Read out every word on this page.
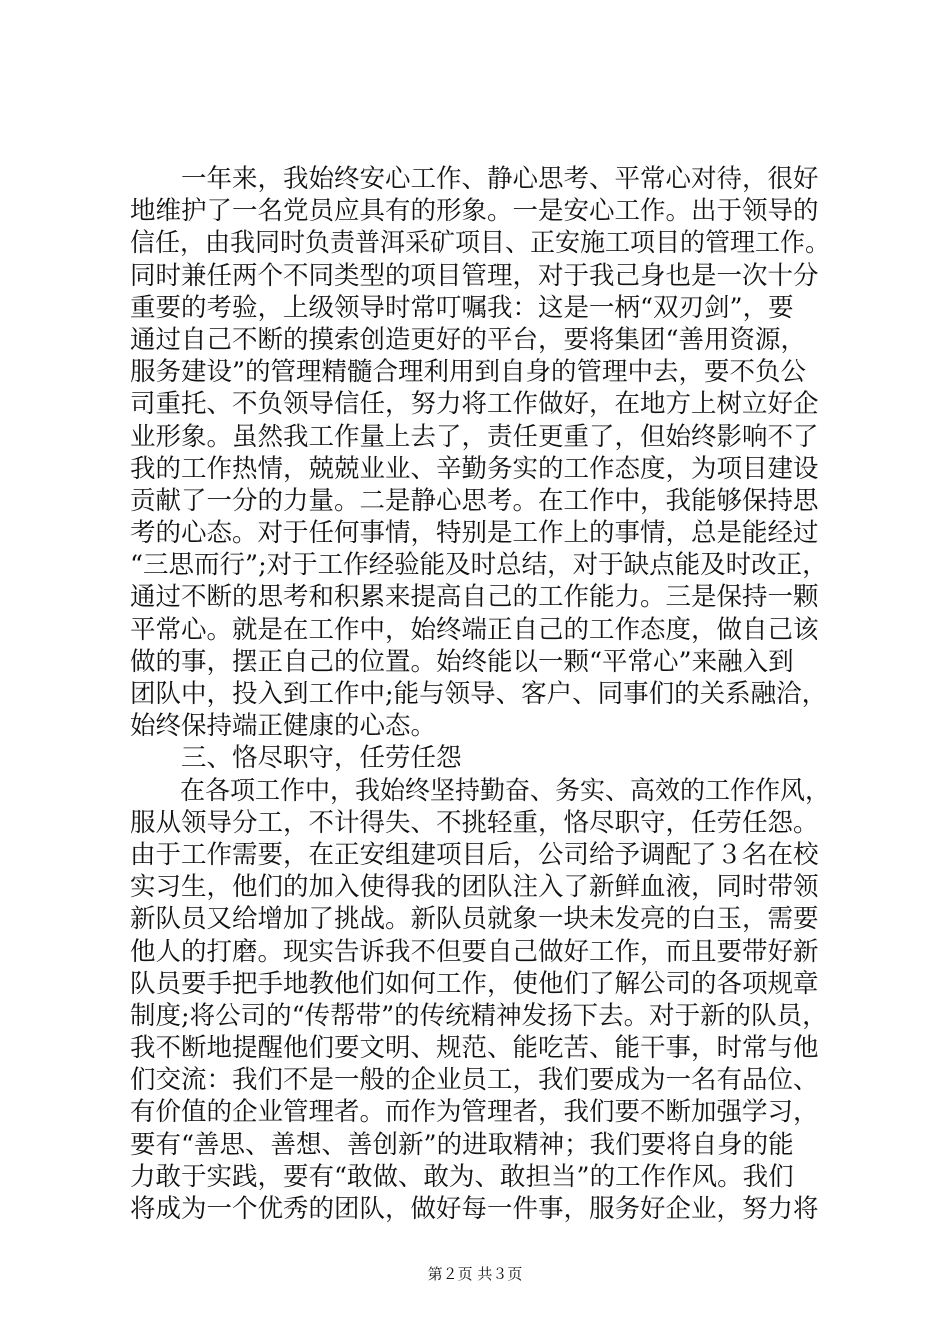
　　一年来，我始终安心工作、静心思考、平常心对待，很好
地维护了一名党员应具有的形象。一是安心工作。出于领导的
信任，由我同时负责普洱采矿项目、正安施工项目的管理工作。
同时兼任两个不同类型的项目管理，对于我己身也是一次十分
重要的考验，上级领导时常叮嘱我：这是一柄“双刃剑”，要
通过自己不断的摸索创造更好的平台，要将集团“善用资源，
服务建设”的管理精髓合理利用到自身的管理中去，要不负公
司重托、不负领导信任，努力将工作做好，在地方上树立好企
业形象。虽然我工作量上去了，责任更重了，但始终影响不了
我的工作热情，兢兢业业、辛勤务实的工作态度，为项目建设
贡献了一分的力量。二是静心思考。在工作中，我能够保持思
考的心态。对于任何事情，特别是工作上的事情，总是能经过
“三思而行”;对于工作经验能及时总结，对于缺点能及时改正，
通过不断的思考和积累来提高自己的工作能力。三是保持一颗
平常心。就是在工作中，始终端正自己的工作态度，做自己该
做的事，摆正自己的位置。始终能以一颗“平常心”来融入到
团队中，投入到工作中;能与领导、客户、同事们的关系融洽，
始终保持端正健康的心态。
　　三、恪尽职守，任劳任怨
　　在各项工作中，我始终坚持勤奋、务实、高效的工作作风，
服从领导分工，不计得失、不挑轻重，恪尽职守，任劳任怨。
由于工作需要，在正安组建项目后，公司给予调配了３名在校
实习生，他们的加入使得我的团队注入了新鲜血液，同时带领
新队员又给增加了挑战。新队员就象一块未发亮的白玉，需要
他人的打磨。现实告诉我不但要自己做好工作，而且要带好新
队员要手把手地教他们如何工作，使他们了解公司的各项规章
制度;将公司的“传帮带”的传统精神发扬下去。对于新的队员，
我不断地提醒他们要文明、规范、能吃苦、能干事，时常与他
们交流：我们不是一般的企业员工，我们要成为一名有品位、
有价值的企业管理者。而作为管理者，我们要不断加强学习，
要有“善思、善想、善创新”的进取精神；我们要将自身的能
力敢于实践，要有“敢做、敢为、敢担当”的工作作风。我们
将成为一个优秀的团队，做好每一件事，服务好企业，努力将
第２页 共３页
